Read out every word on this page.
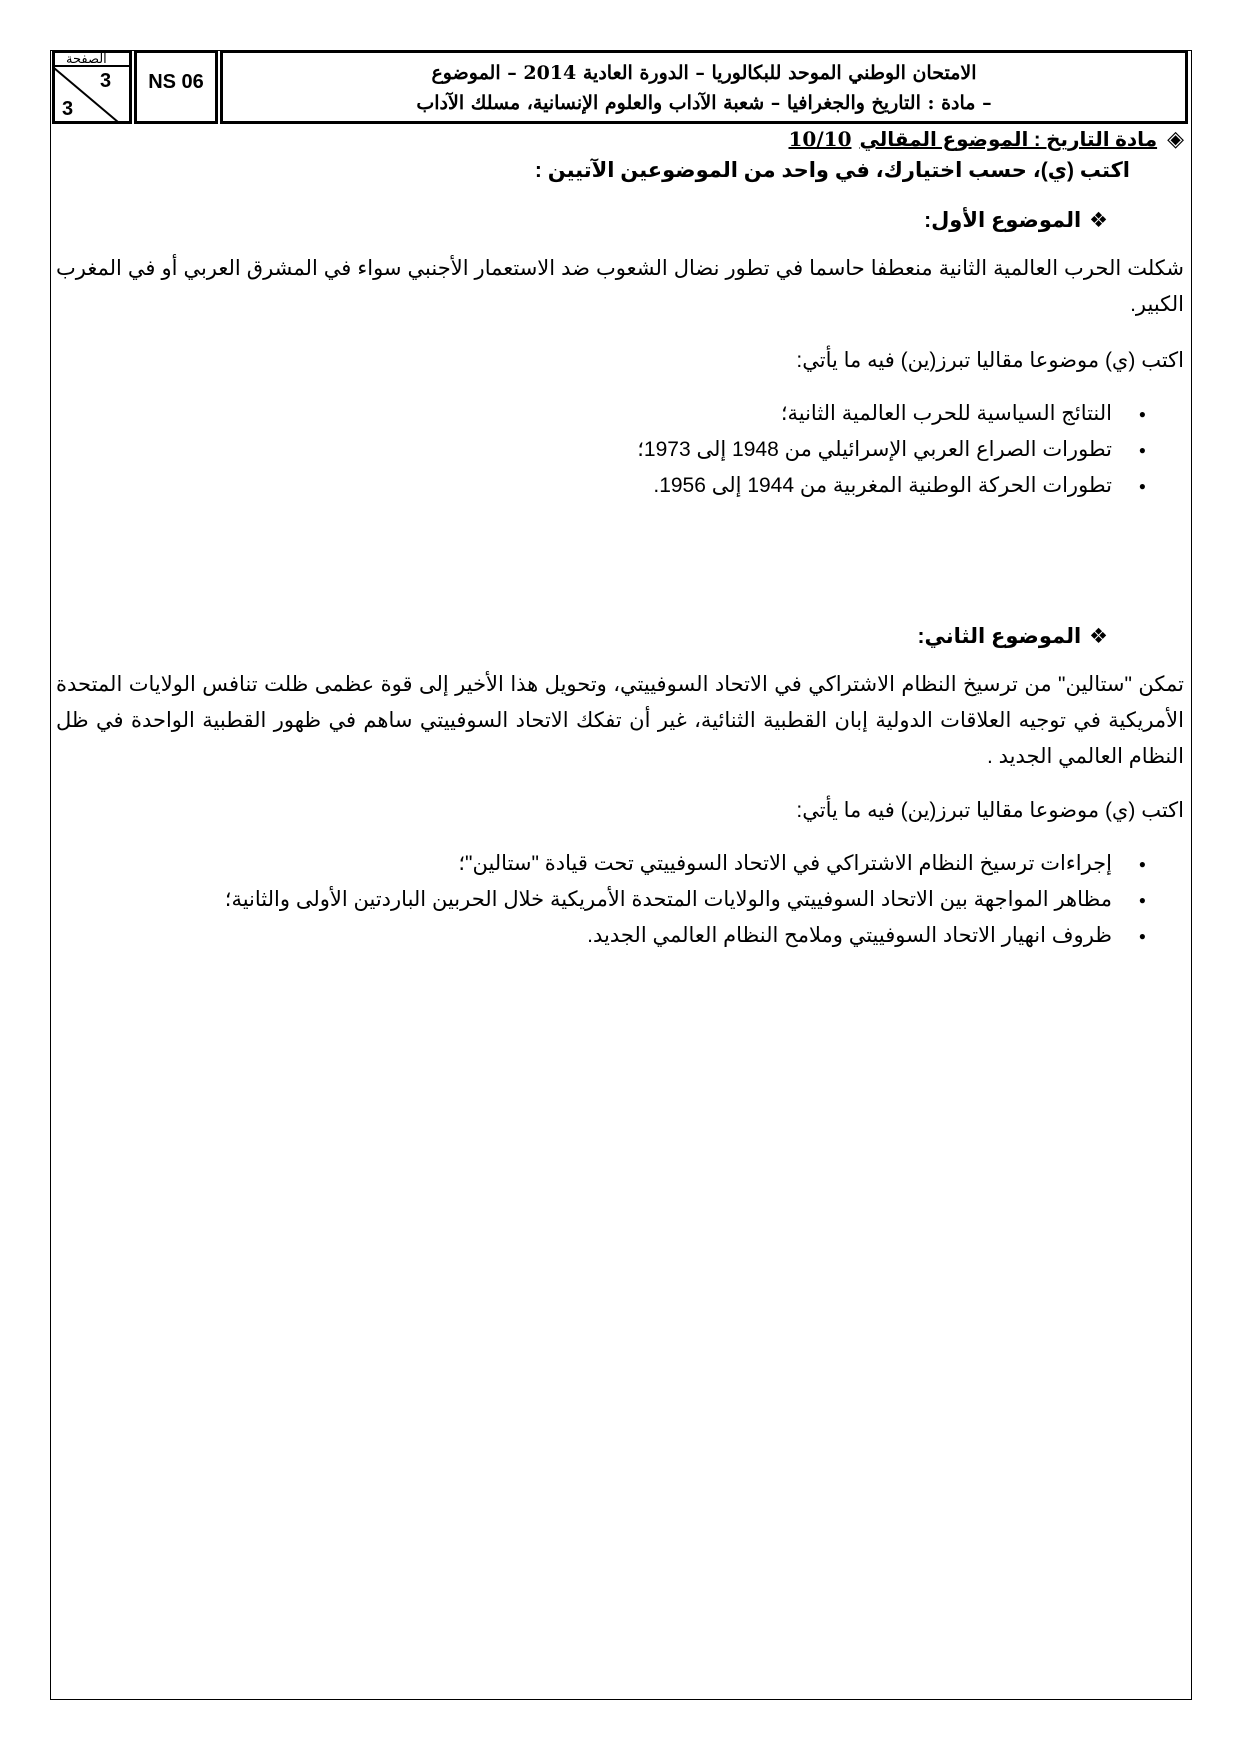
الصفحة
3
3
NS 06	الامتحان الوطني الموحد للبكالوريا – الدورة العادية 2014 – الموضوع
– مادة : التاريخ والجغرافيا – شعبة الآداب والعلوم الإنسانية، مسلك الآداب
◈مادة التاريخ : الموضوع المقالي10/10
اكتب (ي)، حسب اختيارك، في واحد من الموضوعين الآتيين :
❖الموضوع الأول:
شكلت الحرب العالمية الثانية منعطفا حاسما في تطور نضال الشعوب ضد الاستعمار الأجنبي سواء في المشرق العربي أو في المغرب الكبير.
اكتب (ي) موضوعا مقاليا تبرز(ين) فيه ما يأتي:
● النتائج السياسية للحرب العالمية الثانية؛
● تطورات الصراع العربي الإسرائيلي من 1948 إلى 1973؛
● تطورات الحركة الوطنية المغربية من 1944 إلى 1956.
❖الموضوع الثاني:
تمكن "ستالين" من ترسيخ النظام الاشتراكي في الاتحاد السوفييتي، وتحويل هذا الأخير إلى قوة عظمى ظلت تنافس الولايات المتحدة الأمريكية في توجيه العلاقات الدولية إبان القطبية الثنائية، غير أن تفكك الاتحاد السوفييتي ساهم في ظهور القطبية الواحدة في ظل النظام العالمي الجديد .
اكتب (ي) موضوعا مقاليا تبرز(ين) فيه ما يأتي:
● إجراءات ترسيخ النظام الاشتراكي في الاتحاد السوفييتي تحت قيادة "ستالين"؛
● مظاهر المواجهة بين الاتحاد السوفييتي والولايات المتحدة الأمريكية خلال الحربين الباردتين الأولى والثانية؛
● ظروف انهيار الاتحاد السوفييتي وملامح النظام العالمي الجديد.
